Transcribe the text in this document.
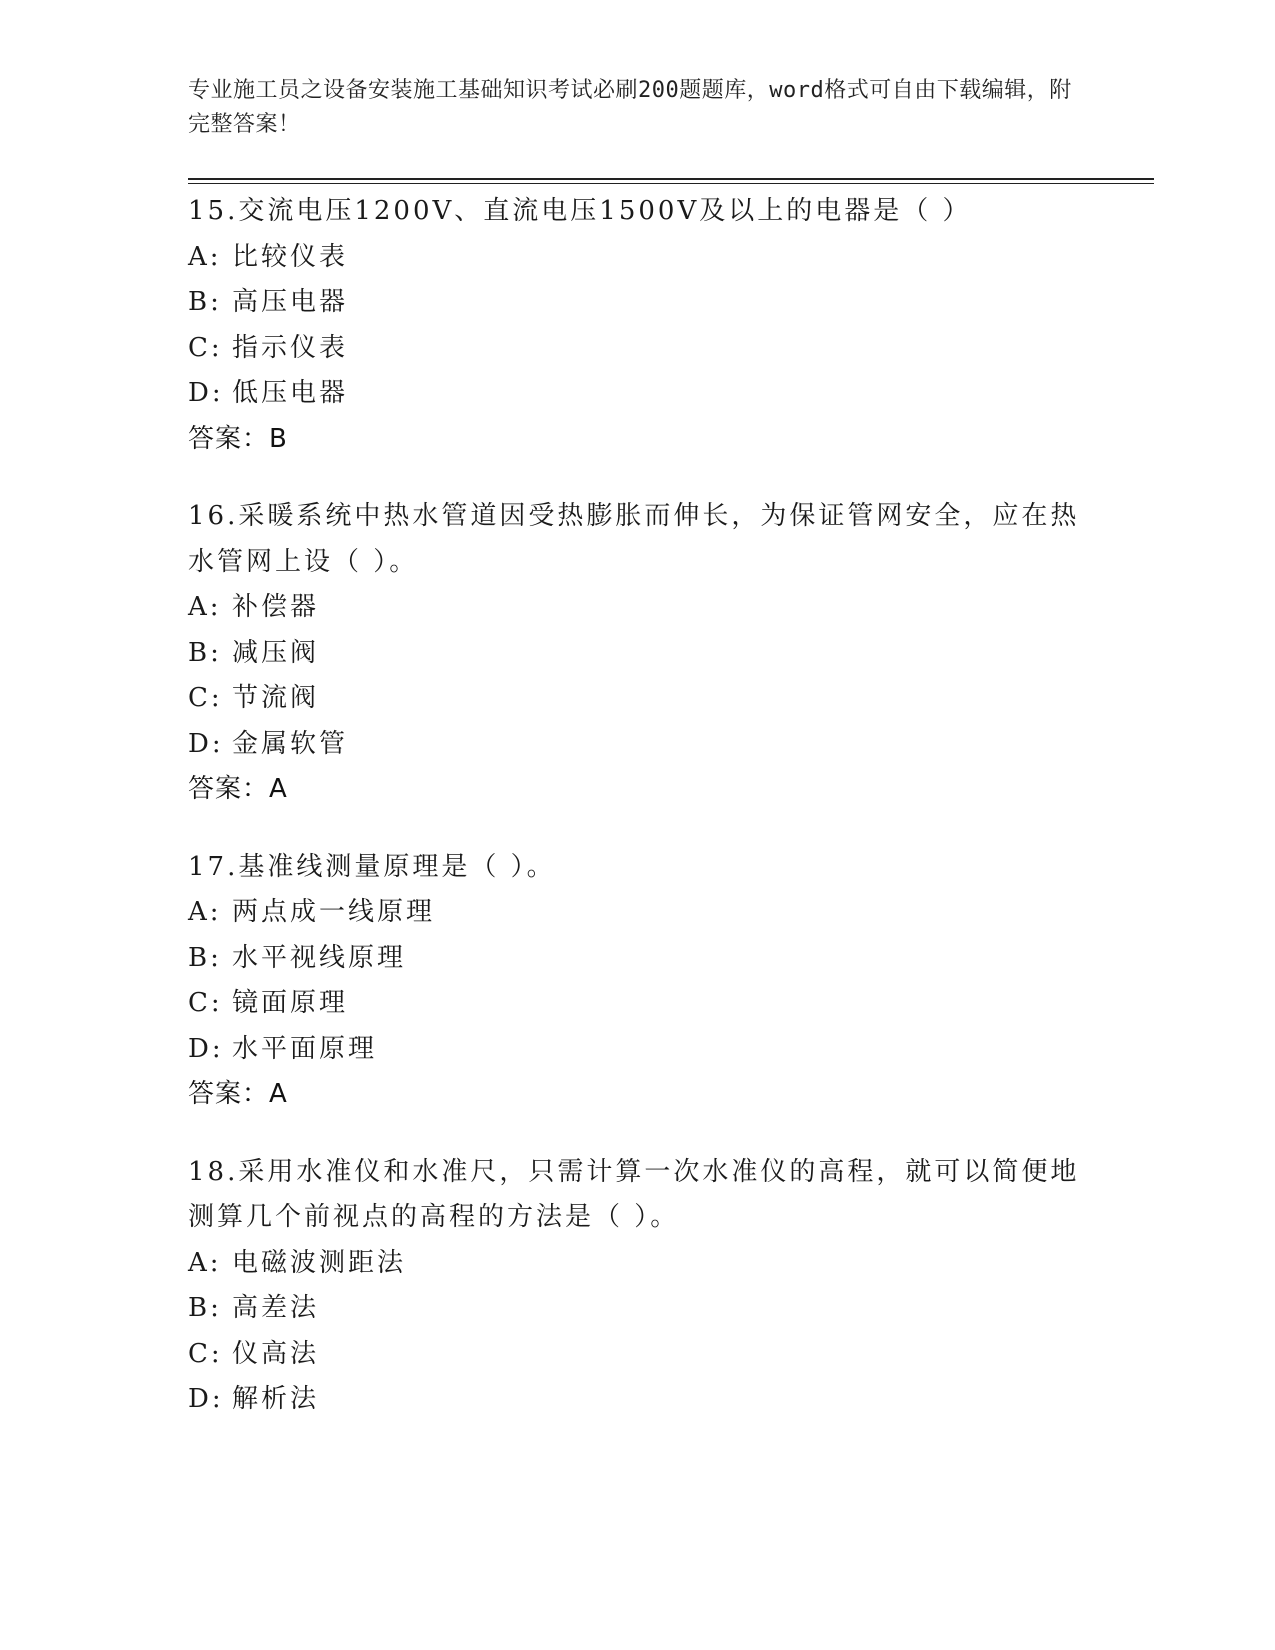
专业施工员之设备安装施工基础知识考试必刷200题题库，word格式可自由下载编辑，附完整答案！

15.交流电压1200V、直流电压1500V及以上的电器是（ ）

A: 比较仪表

B: 高压电器

C: 指示仪表

D: 低压电器

答案：B

16.采暖系统中热水管道因受热膨胀而伸长，为保证管网安全，应在热水管网上设（ ）。

A: 补偿器

B: 减压阀

C: 节流阀

D: 金属软管

答案：A

17.基准线测量原理是（ ）。

A: 两点成一线原理

B: 水平视线原理

C: 镜面原理

D: 水平面原理

答案：A

18.采用水准仪和水准尺，只需计算一次水准仪的高程，就可以简便地测算几个前视点的高程的方法是（ ）。

A: 电磁波测距法

B: 高差法

C: 仪高法

D: 解析法
